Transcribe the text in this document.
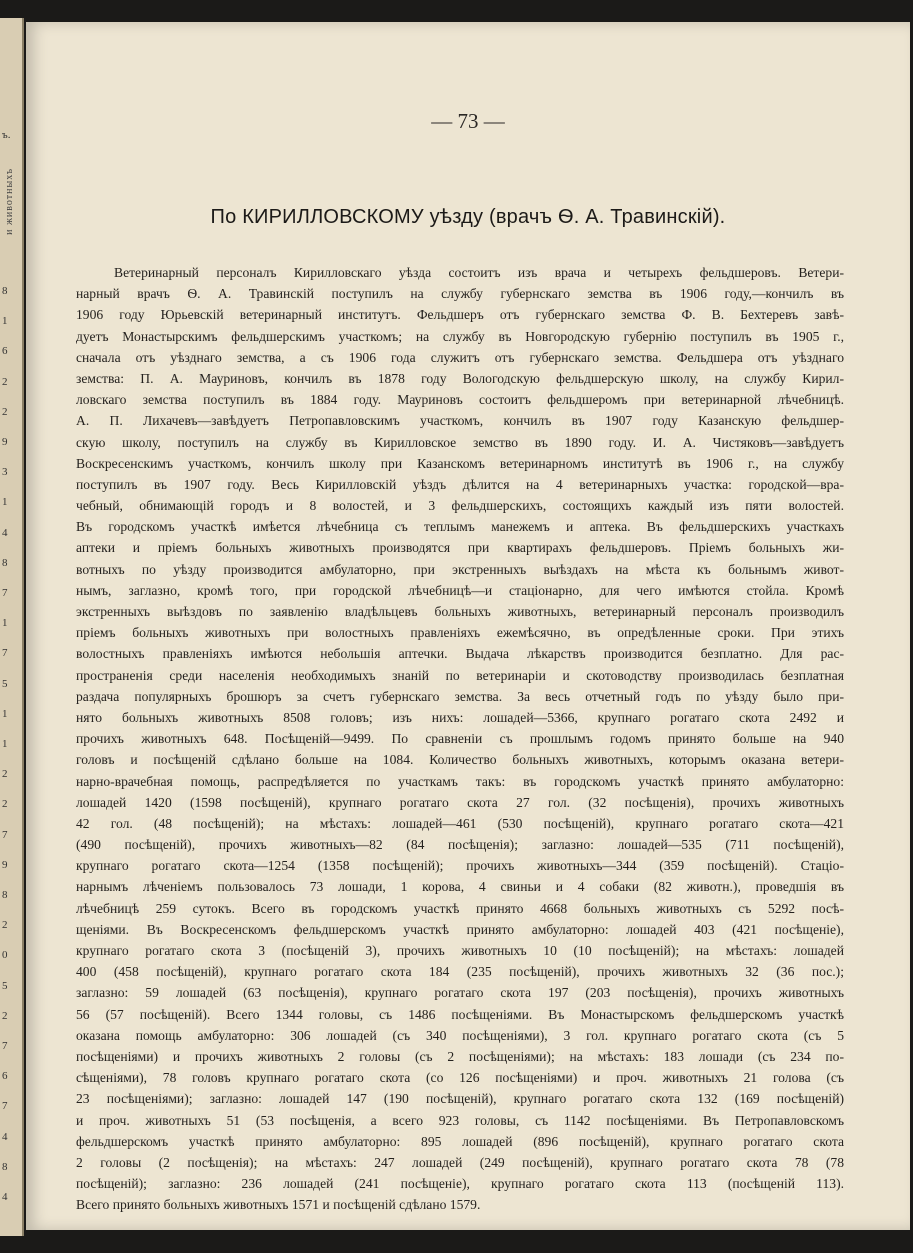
ъ.
и животныхъ
8
1
6
2
2
9
3
1
4
8
7
1
7
5
1
1
2
2
7
9
8
2
0
5
2
7
6
7
4
8
4
— 73 —
По КИРИЛЛОВСКОМУ уѣзду (врачъ Ѳ. А. Травинскій).
Ветеринарный персоналъ Кирилловскаго уѣзда состоитъ изъ врача и четырехъ фельдшеровъ. Ветери-
нарный врачъ Ѳ. А. Травинскій поступилъ на службу губернскаго земства въ 1906 году,—кончилъ въ
1906 году Юрьевскій ветеринарный институтъ. Фельдшеръ отъ губернскаго земства Ф. В. Бехтеревъ завѣ-
дуетъ Монастырскимъ фельдшерскимъ участкомъ; на службу въ Новгородскую губернію поступилъ въ 1905 г.,
сначала отъ уѣзднаго земства, а съ 1906 года служитъ отъ губернскаго земства. Фельдшера отъ уѣзднаго
земства: П. А. Мауриновъ, кончилъ въ 1878 году Вологодскую фельдшерскую школу, на службу Кирил-
ловскаго земства поступилъ въ 1884 году. Мауриновъ состоитъ фельдшеромъ при ветеринарной лѣчебницѣ.
А. П. Лихачевъ—завѣдуетъ Петропавловскимъ участкомъ, кончилъ въ 1907 году Казанскую фельдшер-
скую школу, поступилъ на службу въ Кирилловское земство въ 1890 году. И. А. Чистяковъ—завѣдуетъ
Воскресенскимъ участкомъ, кончилъ школу при Казанскомъ ветеринарномъ институтѣ въ 1906 г., на службу
поступилъ въ 1907 году. Весь Кирилловскій уѣздъ дѣлится на 4 ветеринарныхъ участка: городской—вра-
чебный, обнимающій городъ и 8 волостей, и 3 фельдшерскихъ, состоящихъ каждый изъ пяти волостей.
Въ городскомъ участкѣ имѣется лѣчебница съ теплымъ манежемъ и аптека. Въ фельдшерскихъ участкахъ
аптеки и пріемъ больныхъ животныхъ производятся при квартирахъ фельдшеровъ. Пріемъ больныхъ жи-
вотныхъ по уѣзду производится амбулаторно, при экстренныхъ выѣздахъ на мѣста къ больнымъ живот-
нымъ, заглазно, кромѣ того, при городской лѣчебницѣ—и стаціонарно, для чего имѣются стойла. Кромѣ
экстренныхъ выѣздовъ по заявленію владѣльцевъ больныхъ животныхъ, ветеринарный персоналъ производилъ
пріемъ больныхъ животныхъ при волостныхъ правленіяхъ ежемѣсячно, въ опредѣленные сроки. При этихъ
волостныхъ правленіяхъ имѣются небольшія аптечки. Выдача лѣкарствъ производится безплатно. Для рас-
пространенія среди населенія необходимыхъ знаній по ветеринаріи и скотоводству производилась безплатная
раздача популярныхъ брошюръ за счетъ губернскаго земства. За весь отчетный годъ по уѣзду было при-
нято больныхъ животныхъ 8508 головъ; изъ нихъ: лошадей—5366, крупнаго рогатаго скота 2492 и
прочихъ животныхъ 648. Посѣщеній—9499. По сравненіи съ прошлымъ годомъ принято больше на 940
головъ и посѣщеній сдѣлано больше на 1084. Количество больныхъ животныхъ, которымъ оказана ветери-
нарно-врачебная помощь, распредѣляется по участкамъ такъ: въ городскомъ участкѣ принято амбулаторно:
лошадей 1420 (1598 посѣщеній), крупнаго рогатаго скота 27 гол. (32 посѣщенія), прочихъ животныхъ
42 гол. (48 посѣщеній); на мѣстахъ: лошадей—461 (530 посѣщеній), крупнаго рогатаго скота—421
(490 посѣщеній), прочихъ животныхъ—82 (84 посѣщенія); заглазно: лошадей—535 (711 посѣщеній),
крупнаго рогатаго скота—1254 (1358 посѣщеній); прочихъ животныхъ—344 (359 посѣщеній). Стаціо-
нарнымъ лѣченіемъ пользовалось 73 лошади, 1 корова, 4 свиньи и 4 собаки (82 животн.), проведшія въ
лѣчебницѣ 259 сутокъ. Всего въ городскомъ участкѣ принято 4668 больныхъ животныхъ съ 5292 посѣ-
щеніями. Въ Воскресенскомъ фельдшерскомъ участкѣ принято амбулаторно: лошадей 403 (421 посѣщеніе),
крупнаго рогатаго скота 3 (посѣщеній 3), прочихъ животныхъ 10 (10 посѣщеній); на мѣстахъ: лошадей
400 (458 посѣщеній), крупнаго рогатаго скота 184 (235 посѣщеній), прочихъ животныхъ 32 (36 пос.);
заглазно: 59 лошадей (63 посѣщенія), крупнаго рогатаго скота 197 (203 посѣщенія), прочихъ животныхъ
56 (57 посѣщеній). Всего 1344 головы, съ 1486 посѣщеніями. Въ Монастырскомъ фельдшерскомъ участкѣ
оказана помощь амбулаторно: 306 лошадей (съ 340 посѣщеніями), 3 гол. крупнаго рогатаго скота (съ 5
посѣщеніями) и прочихъ животныхъ 2 головы (съ 2 посѣщеніями); на мѣстахъ: 183 лошади (съ 234 по-
сѣщеніями), 78 головъ крупнаго рогатаго скота (со 126 посѣщеніями) и проч. животныхъ 21 голова (съ
23 посѣщеніями); заглазно: лошадей 147 (190 посѣщеній), крупнаго рогатаго скота 132 (169 посѣщеній)
и проч. животныхъ 51 (53 посѣщенія, а всего 923 головы, съ 1142 посѣщеніями. Въ Петропавловскомъ
фельдшерскомъ участкѣ принято амбулаторно: 895 лошадей (896 посѣщеній), крупнаго рогатаго скота
2 головы (2 посѣщенія); на мѣстахъ: 247 лошадей (249 посѣщеній), крупнаго рогатаго скота 78 (78
посѣщеній); заглазно: 236 лошадей (241 посѣщеніе), крупнаго рогатаго скота 113 (посѣщеній 113).
Всего принято больныхъ животныхъ 1571 и посѣщеній сдѣлано 1579.
